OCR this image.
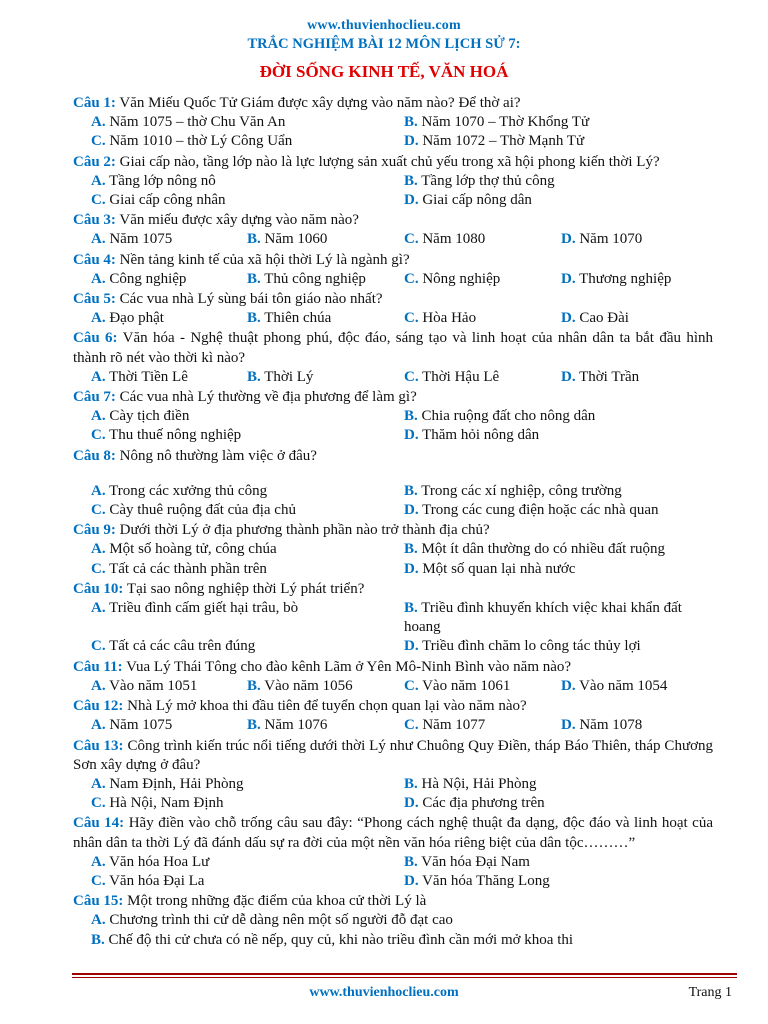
www.thuvienhoclieu.com
TRẮC NGHIỆM BÀI 12 MÔN LỊCH SỬ 7:
ĐỜI SỐNG KINH TẾ, VĂN HOÁ
Câu 1: Văn Miếu Quốc Tử Giám được xây dựng vào năm nào? Để thờ ai?
A. Năm 1075 – thờ Chu Văn An	B. Năm 1070 – Thờ Khổng Tử
C. Năm 1010 – thờ Lý Công Uẩn	D. Năm 1072 – Thờ Mạnh Tử
Câu 2: Giai cấp nào, tầng lớp nào là lực lượng sản xuất chủ yếu trong xã hội phong kiến thời Lý?
A. Tầng lớp nông nô	B. Tầng lớp thợ thủ công
C. Giai cấp công nhân	D. Giai cấp nông dân
Câu 3: Văn miếu được xây dựng vào năm nào?
A. Năm 1075	B. Năm 1060	C. Năm 1080	D. Năm 1070
Câu 4: Nền tảng kinh tế của xã hội thời Lý là ngành gì?
A. Công nghiệp	B. Thủ công nghiệp	C. Nông nghiệp	D. Thương nghiệp
Câu 5: Các vua nhà Lý sùng bái tôn giáo nào nhất?
A. Đạo phật	B. Thiên chúa	C. Hòa Hảo	D. Cao Đài
Câu 6: Văn hóa - Nghệ thuật phong phú, độc đáo, sáng tạo và linh hoạt của nhân dân ta bắt đầu hình thành rõ nét vào thời kì nào?
A. Thời Tiền Lê	B. Thời Lý	C. Thời Hậu Lê	D. Thời Trần
Câu 7: Các vua nhà Lý thường về địa phương để làm gì?
A. Cày tịch điền	B. Chia ruộng đất cho nông dân
C. Thu thuế nông nghiệp	D. Thăm hỏi nông dân
Câu 8: Nông nô thường làm việc ở đâu?
A. Trong các xưởng thủ công	B. Trong các xí nghiệp, công trường
C. Cày thuê ruộng đất của địa chủ	D. Trong các cung điện hoặc các nhà quan
Câu 9: Dưới thời Lý ở địa phương thành phần nào trở thành địa chủ?
A. Một số hoàng tử, công chúa	B. Một ít dân thường do có nhiều đất ruộng
C. Tất cả các thành phần trên	D. Một số quan lại nhà nước
Câu 10: Tại sao nông nghiệp thời Lý phát triển?
A. Triều đình cấm giết hại trâu, bò	B. Triều đình khuyến khích việc khai khẩn đất hoang
C. Tất cả các câu trên đúng	D. Triều đình chăm lo công tác thủy lợi
Câu 11: Vua Lý Thái Tông cho đào kênh Lãm ở Yên Mô-Ninh Bình vào năm nào?
A. Vào năm 1051	B. Vào năm 1056	C. Vào năm 1061	D. Vào năm 1054
Câu 12: Nhà Lý mở khoa thi đầu tiên để tuyển chọn quan lại vào năm nào?
A. Năm 1075	B. Năm 1076	C. Năm 1077	D. Năm 1078
Câu 13: Công trình kiến trúc nổi tiếng dưới thời Lý như Chuông Quy Điền, tháp Báo Thiên, tháp Chương Sơn xây dựng ở đâu?
A. Nam Định, Hải Phòng	B. Hà Nội, Hải Phòng
C. Hà Nội, Nam Định	D. Các địa phương trên
Câu 14: Hãy điền vào chỗ trống câu sau đây: “Phong cách nghệ thuật đa dạng, độc đáo và linh hoạt của nhân dân ta thời Lý đã đánh dấu sự ra đời của một nền văn hóa riêng biệt của dân tộc………”
A. Văn hóa Hoa Lư	B. Văn hóa Đại Nam
C. Văn hóa Đại La	D. Văn hóa Thăng Long
Câu 15: Một trong những đặc điểm của khoa cử thời Lý là
A. Chương trình thi cử dễ dàng nên một số người đỗ đạt cao
B. Chế độ thi cử chưa có nề nếp, quy củ, khi nào triều đình cần mới mở khoa thi
www.thuvienhoclieu.com	Trang 1
